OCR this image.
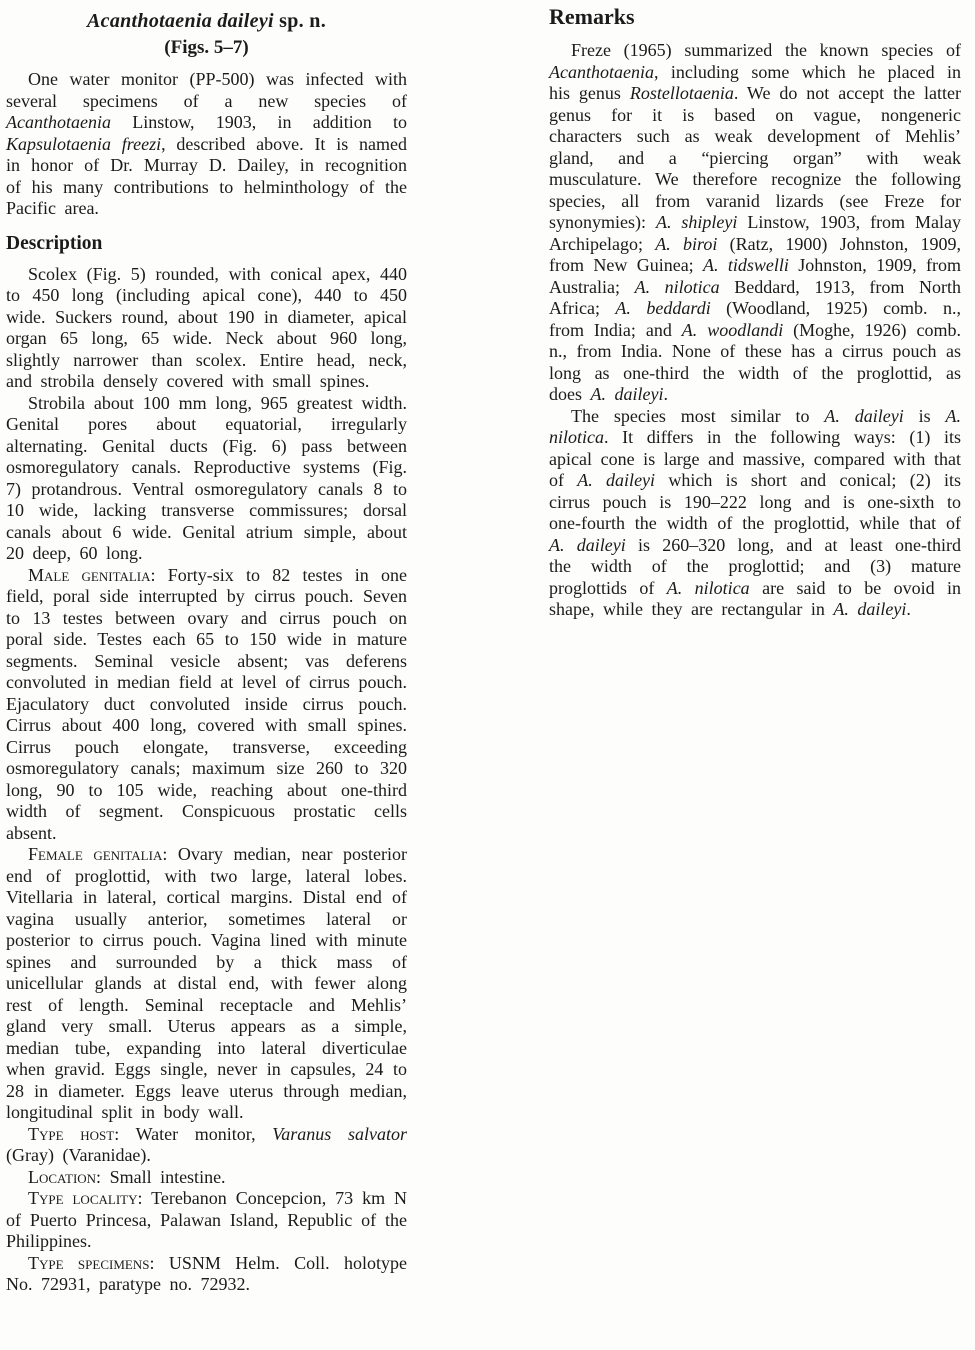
Acanthotaenia daileyi sp. n.
(Figs. 5–7)

One water monitor (PP-500) was infected with several specimens of a new species of Acanthotaenia Linstow, 1903, in addition to Kapsulotaenia freezi, described above. It is named in honor of Dr. Murray D. Dailey, in recognition of his many contributions to helminthology of the Pacific area.

Description

Scolex (Fig. 5) rounded, with conical apex, 440 to 450 long (including apical cone), 440 to 450 wide. Suckers round, about 190 in diameter, apical organ 65 long, 65 wide. Neck about 960 long, slightly narrower than scolex. Entire head, neck, and strobila densely covered with small spines.

Strobila about 100 mm long, 965 greatest width. Genital pores about equatorial, irregularly alternating. Genital ducts (Fig. 6) pass between osmoregulatory canals. Reproductive systems (Fig. 7) protandrous. Ventral osmoregulatory canals 8 to 10 wide, lacking transverse commissures; dorsal canals about 6 wide. Genital atrium simple, about 20 deep, 60 long.

Male genitalia: Forty-six to 82 testes in one field, poral side interrupted by cirrus pouch. Seven to 13 testes between ovary and cirrus pouch on poral side. Testes each 65 to 150 wide in mature segments. Seminal vesicle absent; vas deferens convoluted in median field at level of cirrus pouch. Ejaculatory duct convoluted inside cirrus pouch. Cirrus about 400 long, covered with small spines. Cirrus pouch elongate, transverse, exceeding osmoregulatory canals; maximum size 260 to 320 long, 90 to 105 wide, reaching about one-third width of segment. Conspicuous prostatic cells absent.

Female genitalia: Ovary median, near posterior end of proglottid, with two large, lateral lobes. Vitellaria in lateral, cortical margins. Distal end of vagina usually anterior, sometimes lateral or posterior to cirrus pouch. Vagina lined with minute spines and surrounded by a thick mass of unicellular glands at distal end, with fewer along rest of length. Seminal receptacle and Mehlis’ gland very small. Uterus appears as a simple, median tube, expanding into lateral diverticulae when gravid. Eggs single, never in capsules, 24 to 28 in diameter. Eggs leave uterus through median, longitudinal split in body wall.

Type host: Water monitor, Varanus salvator (Gray) (Varanidae).

Location: Small intestine.

Type locality: Terebanon Concepcion, 73 km N of Puerto Princesa, Palawan Island, Republic of the Philippines.

Type specimens: USNM Helm. Coll. holotype No. 72931, paratype no. 72932.

Remarks

Freze (1965) summarized the known species of Acanthotaenia, including some which he placed in his genus Rostellotaenia. We do not accept the latter genus for it is based on vague, nongeneric characters such as weak development of Mehlis’ gland, and a “piercing organ” with weak musculature. We therefore recognize the following species, all from varanid lizards (see Freze for synonymies): A. shipleyi Linstow, 1903, from Malay Archipelago; A. biroi (Ratz, 1900) Johnston, 1909, from New Guinea; A. tidswelli Johnston, 1909, from Australia; A. nilotica Beddard, 1913, from North Africa; A. beddardi (Woodland, 1925) comb. n., from India; and A. woodlandi (Moghe, 1926) comb. n., from India. None of these has a cirrus pouch as long as one-third the width of the proglottid, as does A. daileyi.

The species most similar to A. daileyi is A. nilotica. It differs in the following ways: (1) its apical cone is large and massive, compared with that of A. daileyi which is short and conical; (2) its cirrus pouch is 190–222 long and is one-sixth to one-fourth the width of the proglottid, while that of A. daileyi is 260–320 long, and at least one-third the width of the proglottid; and (3) mature proglottids of A. nilotica are said to be ovoid in shape, while they are rectangular in A. daileyi.
